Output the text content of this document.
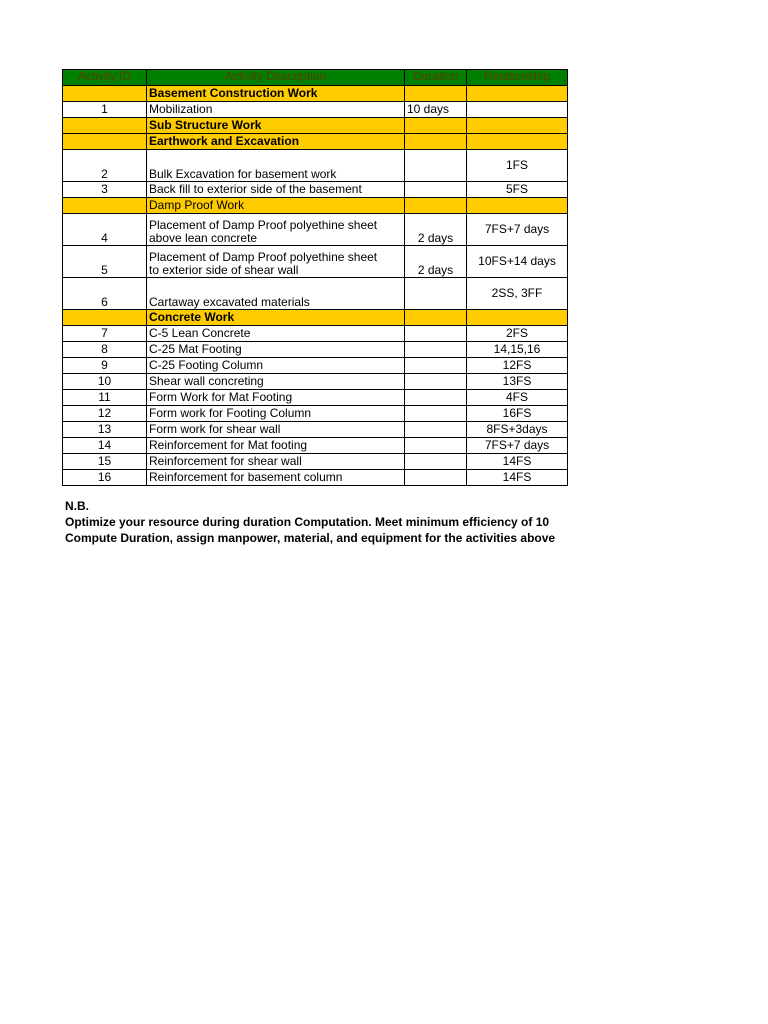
Activity ID	Activity Description	Duration	Relationship
	Basement Construction Work		
1	Mobilization	10 days	
	Sub Structure Work		
	Earthwork and Excavation		
2	Bulk Excavation for basement work		1FS
3	Back fill to exterior side of the basement		5FS
	Damp Proof Work		
4	Placement of Damp Proof polyethine sheet
above lean concrete	2 days	7FS+7 days
5	Placement of Damp Proof polyethine sheet
to exterior side of shear wall	2 days	10FS+14 days
6	Cartaway excavated materials		2SS, 3FF
	Concrete Work		
7	C-5 Lean Concrete		2FS
8	C-25 Mat Footing		14,15,16
9	C-25 Footing Column		12FS
10	Shear wall concreting		13FS
11	Form Work for Mat Footing		4FS
12	Form work for Footing Column		16FS
13	Form work for shear wall		8FS+3days
14	Reinforcement for Mat footing		7FS+7 days
15	Reinforcement for shear wall		14FS
16	Reinforcement for basement column		14FS
N.B.
Optimize your resource during duration Computation. Meet minimum efficiency of 10
Compute Duration, assign manpower, material, and equipment for the activities above
